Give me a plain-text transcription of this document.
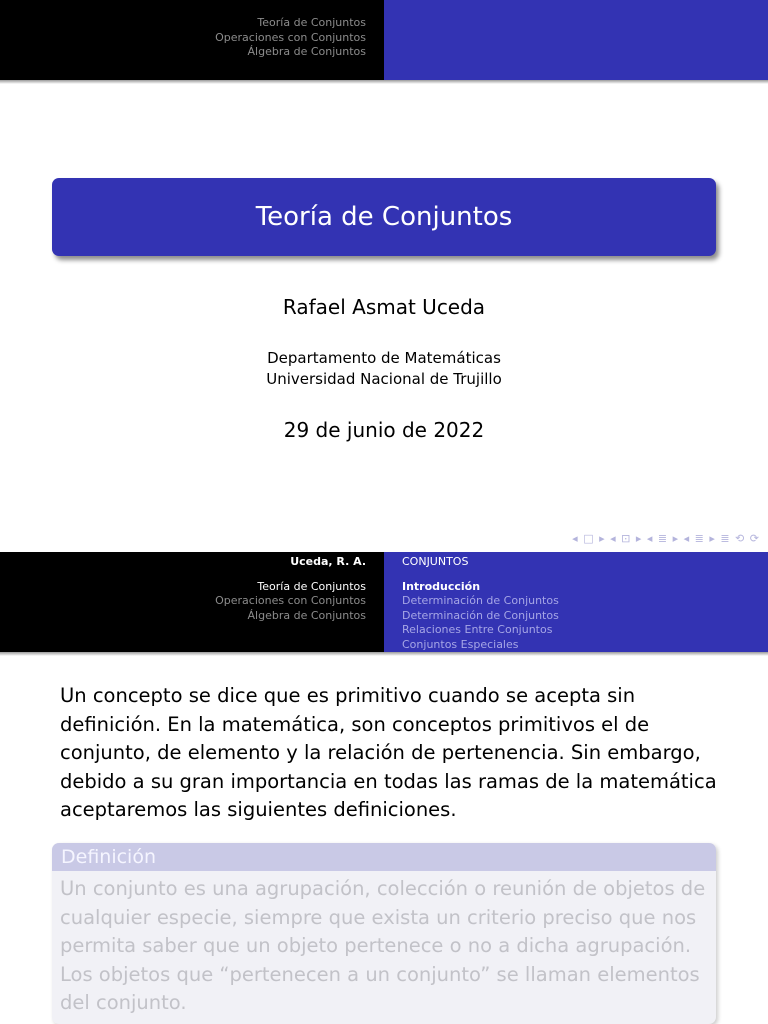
Teoría de Conjuntos
Operaciones con Conjuntos
Álgebra de Conjuntos
Teoría de Conjuntos
Rafael Asmat Uceda
Departamento de Matemáticas
Universidad Nacional de Trujillo
29 de junio de 2022
◂ □ ▸ ◂ ⊡ ▸ ◂ ≣ ▸ ◂ ≣ ▸ ≣ ⟲ ⟳
Uceda, R. A.
Teoría de Conjuntos
Operaciones con Conjuntos
Álgebra de Conjuntos
CONJUNTOS
Introducción
Determinación de Conjuntos
Determinación de Conjuntos
Relaciones Entre Conjuntos
Conjuntos Especiales
Un concepto se dice que es primitivo cuando se acepta sin definición. En la matemática, son conceptos primitivos el de conjunto, de elemento y la relación de pertenencia. Sin embargo, debido a su gran importancia en todas las ramas de la matemática aceptaremos las siguientes definiciones.
Definición
Un conjunto es una agrupación, colección o reunión de objetos de cualquier especie, siempre que exista un criterio preciso que nos permita saber que un objeto pertenece o no a dicha agrupación. Los objetos que “pertenecen a un conjunto” se llaman elementos del conjunto.
